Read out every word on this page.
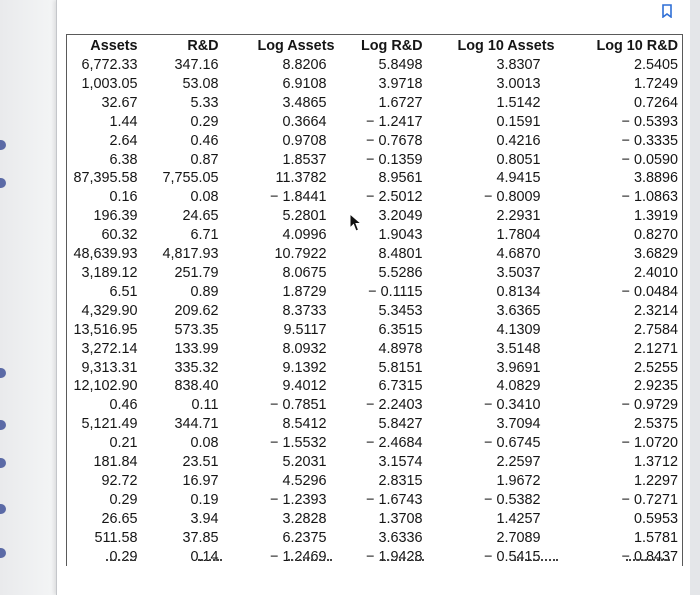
Assets	R&D	Log Assets	Log R&D	Log 10 Assets	Log 10 R&D
6,772.33	347.16	8.8206	5.8498	3.8307	2.5405
1,003.05	53.08	6.9108	3.9718	3.0013	1.7249
32.67	5.33	3.4865	1.6727	1.5142	0.7264
1.44	0.29	0.3664	− 1.2417	0.1591	− 0.5393
2.64	0.46	0.9708	− 0.7678	0.4216	− 0.3335
6.38	0.87	1.8537	− 0.1359	0.8051	− 0.0590
87,395.58	7,755.05	11.3782	8.9561	4.9415	3.8896
0.16	0.08	− 1.8441	− 2.5012	− 0.8009	− 1.0863
196.39	24.65	5.2801	3.2049	2.2931	1.3919
60.32	6.71	4.0996	1.9043	1.7804	0.8270
48,639.93	4,817.93	10.7922	8.4801	4.6870	3.6829
3,189.12	251.79	8.0675	5.5286	3.5037	2.4010
6.51	0.89	1.8729	− 0.1115	0.8134	− 0.0484
4,329.90	209.62	8.3733	5.3453	3.6365	2.3214
13,516.95	573.35	9.5117	6.3515	4.1309	2.7584
3,272.14	133.99	8.0932	4.8978	3.5148	2.1271
9,313.31	335.32	9.1392	5.8151	3.9691	2.5255
12,102.90	838.40	9.4012	6.7315	4.0829	2.9235
0.46	0.11	− 0.7851	− 2.2403	− 0.3410	− 0.9729
5,121.49	344.71	8.5412	5.8427	3.7094	2.5375
0.21	0.08	− 1.5532	− 2.4684	− 0.6745	− 1.0720
181.84	23.51	5.2031	3.1574	2.2597	1.3712
92.72	16.97	4.5296	2.8315	1.9672	1.2297
0.29	0.19	− 1.2393	− 1.6743	− 0.5382	− 0.7271
26.65	3.94	3.2828	1.3708	1.4257	0.5953
511.58	37.85	6.2375	3.6336	2.7089	1.5781
0.29	0.14	− 1.2469	− 1.9428	− 0.5415	− 0.8437
